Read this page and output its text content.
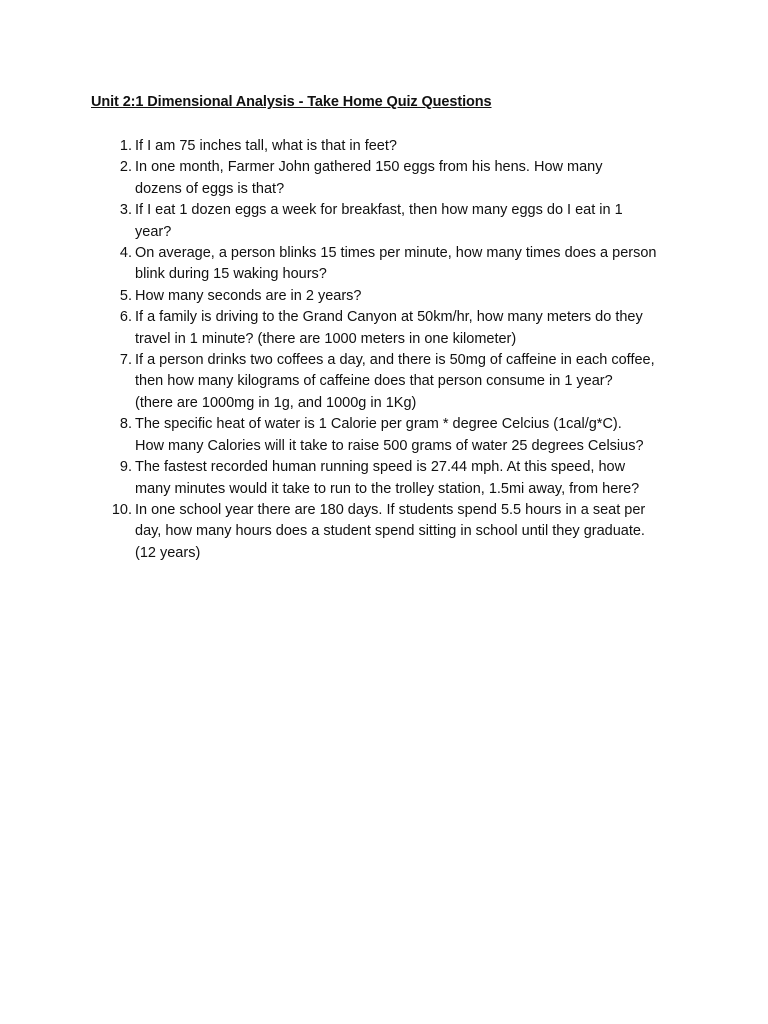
Unit 2:1 Dimensional Analysis - Take Home Quiz Questions
1. If I am 75 inches tall, what is that in feet?
2. In one month, Farmer John gathered 150 eggs from his hens. How many
dozens of eggs is that?
3. If I eat 1 dozen eggs a week for breakfast, then how many eggs do I eat in 1
year?
4. On average, a person blinks 15 times per minute, how many times does a person
blink during 15 waking hours?
5. How many seconds are in 2 years?
6. If a family is driving to the Grand Canyon at 50km/hr, how many meters do they
travel in 1 minute? (there are 1000 meters in one kilometer)
7. If a person drinks two coffees a day, and there is 50mg of caffeine in each coffee,
then how many kilograms of caffeine does that person consume in 1 year?
(there are 1000mg in 1g, and 1000g in 1Kg)
8. The specific heat of water is 1 Calorie per gram * degree Celcius (1cal/g*C).
How many Calories will it take to raise 500 grams of water 25 degrees Celsius?
9. The fastest recorded human running speed is 27.44 mph. At this speed, how
many minutes would it take to run to the trolley station, 1.5mi away, from here?
10. In one school year there are 180 days. If students spend 5.5 hours in a seat per
day, how many hours does a student spend sitting in school until they graduate.
(12 years)
